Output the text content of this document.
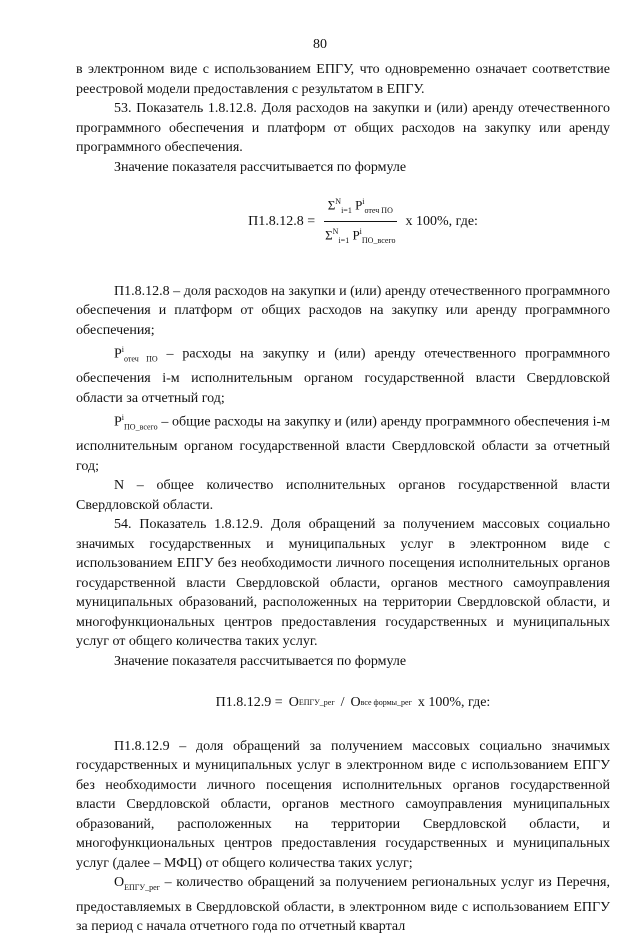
80

в электронном виде с использованием ЕПГУ, что одновременно означает соответствие реестровой модели предоставления с результатом в ЕПГУ.

53. Показатель 1.8.12.8. Доля расходов на закупки и (или) аренду отечественного программного обеспечения и платформ от общих расходов на закупку или аренду программного обеспечения.

Значение показателя рассчитывается по формуле

$П1.8.12.8 = \frac{\Sigma^N_{i=1} P^i_{отеч ПО}}{\Sigma^N_{i=1} P^i_{ПО\_всего}}$ x 100%, где:

П1.8.12.8 – доля расходов на закупки и (или) аренду отечественного программного обеспечения и платформ от общих расходов на закупку или аренду программного обеспечения;

$P^i_{отеч ПО}$ – расходы на закупку и (или) аренду отечественного программного обеспечения i-м исполнительным органом государственной власти Свердловской области за отчетный год;

$P^i_{ПО\_всего}$ – общие расходы на закупку и (или) аренду программного обеспечения i-м исполнительным органом государственной власти Свердловской области за отчетный год;

N – общее количество исполнительных органов государственной власти Свердловской области.

54. Показатель 1.8.12.9. Доля обращений за получением массовых социально значимых государственных и муниципальных услуг в электронном виде с использованием ЕПГУ без необходимости личного посещения исполнительных органов государственной власти Свердловской области, органов местного самоуправления муниципальных образований, расположенных на территории Свердловской области, и многофункциональных центров предоставления государственных и муниципальных услуг от общего количества таких услуг.

Значение показателя рассчитывается по формуле

П1.8.12.9 = О ЕПГУ_рег / О все формы_рег x 100%, где:

П1.8.12.9 – доля обращений за получением массовых социально значимых государственных и муниципальных услуг в электронном виде с использованием ЕПГУ без необходимости личного посещения исполнительных органов государственной власти Свердловской области, органов местного самоуправления муниципальных образований, расположенных на территории Свердловской области, и многофункциональных центров предоставления государственных и муниципальных услуг (далее – МФЦ) от общего количества таких услуг;

$О_{ЕПГУ\_рег}$ – количество обращений за получением региональных услуг из Перечня, предоставляемых в Свердловской области, в электронном виде с использованием ЕПГУ за период с начала отчетного года по отчетный квартал
